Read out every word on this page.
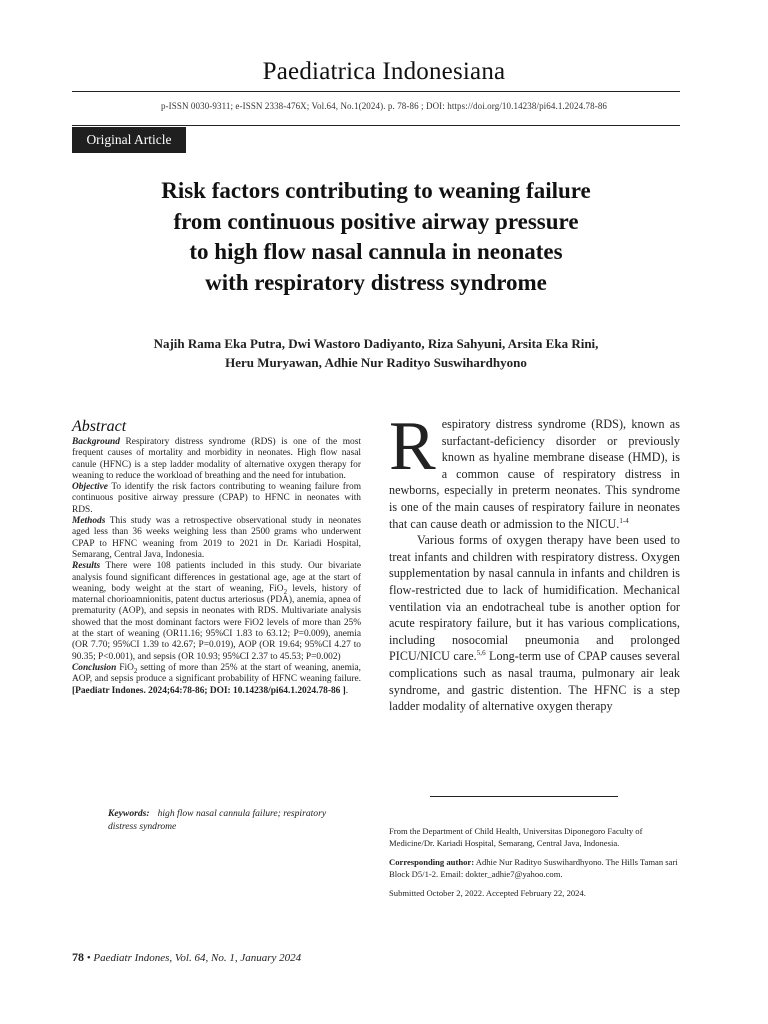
Paediatrica Indonesiana
p-ISSN 0030-9311; e-ISSN 2338-476X; Vol.64, No.1(2024). p. 78-86 ; DOI: https://doi.org/10.14238/pi64.1.2024.78-86
Original Article
Risk factors contributing to weaning failure
from continuous positive airway pressure
to high flow nasal cannula in neonates
with respiratory distress syndrome
Najih Rama Eka Putra, Dwi Wastoro Dadiyanto, Riza Sahyuni, Arsita Eka Rini,
Heru Muryawan, Adhie Nur Radityo Suswihardhyono
Abstract

Background Respiratory distress syndrome (RDS) is one of the most frequent causes of mortality and morbidity in neonates. High flow nasal canule (HFNC) is a step ladder modality of alternative oxygen therapy for weaning to reduce the workload of breathing and the need for intubation.

Objective To identify the risk factors contributing to weaning failure from continuous positive airway pressure (CPAP) to HFNC in neonates with RDS.

Methods This study was a retrospective observational study in neonates aged less than 36 weeks weighing less than 2500 grams who underwent CPAP to HFNC weaning from 2019 to 2021 in Dr. Kariadi Hospital, Semarang, Central Java, Indonesia.

Results There were 108 patients included in this study. Our bivariate analysis found significant differences in gestational age, age at the start of weaning, body weight at the start of weaning, FiO$_2$ levels, history of maternal chorioamnionitis, patent ductus arteriosus (PDA), anemia, apnea of prematurity (AOP), and sepsis in neonates with RDS. Multivariate analysis showed that the most dominant factors were FiO2 levels of more than 25% at the start of weaning (OR11.16; 95%CI 1.83 to 63.12; P=0.009), anemia (OR 7.70; 95%CI 1.39 to 42.67; P=0.019), AOP (OR 19.64; 95%CI 4.27 to 90.35; P<0.001), and sepsis (OR 10.93; 95%CI 2.37 to 45.53; P=0.002)

Conclusion FiO$_2$ setting of more than 25% at the start of weaning, anemia, AOP, and sepsis produce a significant probability of HFNC weaning failure. [Paediatr Indones. 2024;64:78-86; DOI: 10.14238/pi64.1.2024.78-86 ].

Keywords: high flow nasal cannula failure; respiratory distress syndrome

Respiratory distress syndrome (RDS), known as surfactant-deficiency disorder or previously known as hyaline membrane disease (HMD), is a common cause of respiratory distress in newborns, especially in preterm neonates. This syndrome is one of the main causes of respiratory failure in neonates that can cause death or admission to the NICU.$^{1-4}$

Various forms of oxygen therapy have been used to treat infants and children with respiratory distress. Oxygen supplementation by nasal cannula in infants and children is flow-restricted due to lack of humidification. Mechanical ventilation via an endotracheal tube is another option for acute respiratory failure, but it has various complications, including nosocomial pneumonia and prolonged PICU/NICU care.$^{5,6}$ Long-term use of CPAP causes several complications such as nasal trauma, pulmonary air leak syndrome, and gastric distention. The HFNC is a step ladder modality of alternative oxygen therapy

From the Department of Child Health, Universitas Diponegoro Faculty of Medicine/Dr. Kariadi Hospital, Semarang, Central Java, Indonesia.

Corresponding author: Adhie Nur Radityo Suswihardhyono. The Hills Taman sari Block D5/1-2. Email: dokter_adhie7@yahoo.com.

Submitted October 2, 2022. Accepted February 22, 2024.

78 • Paediatr Indones, Vol. 64, No. 1, January 2024
